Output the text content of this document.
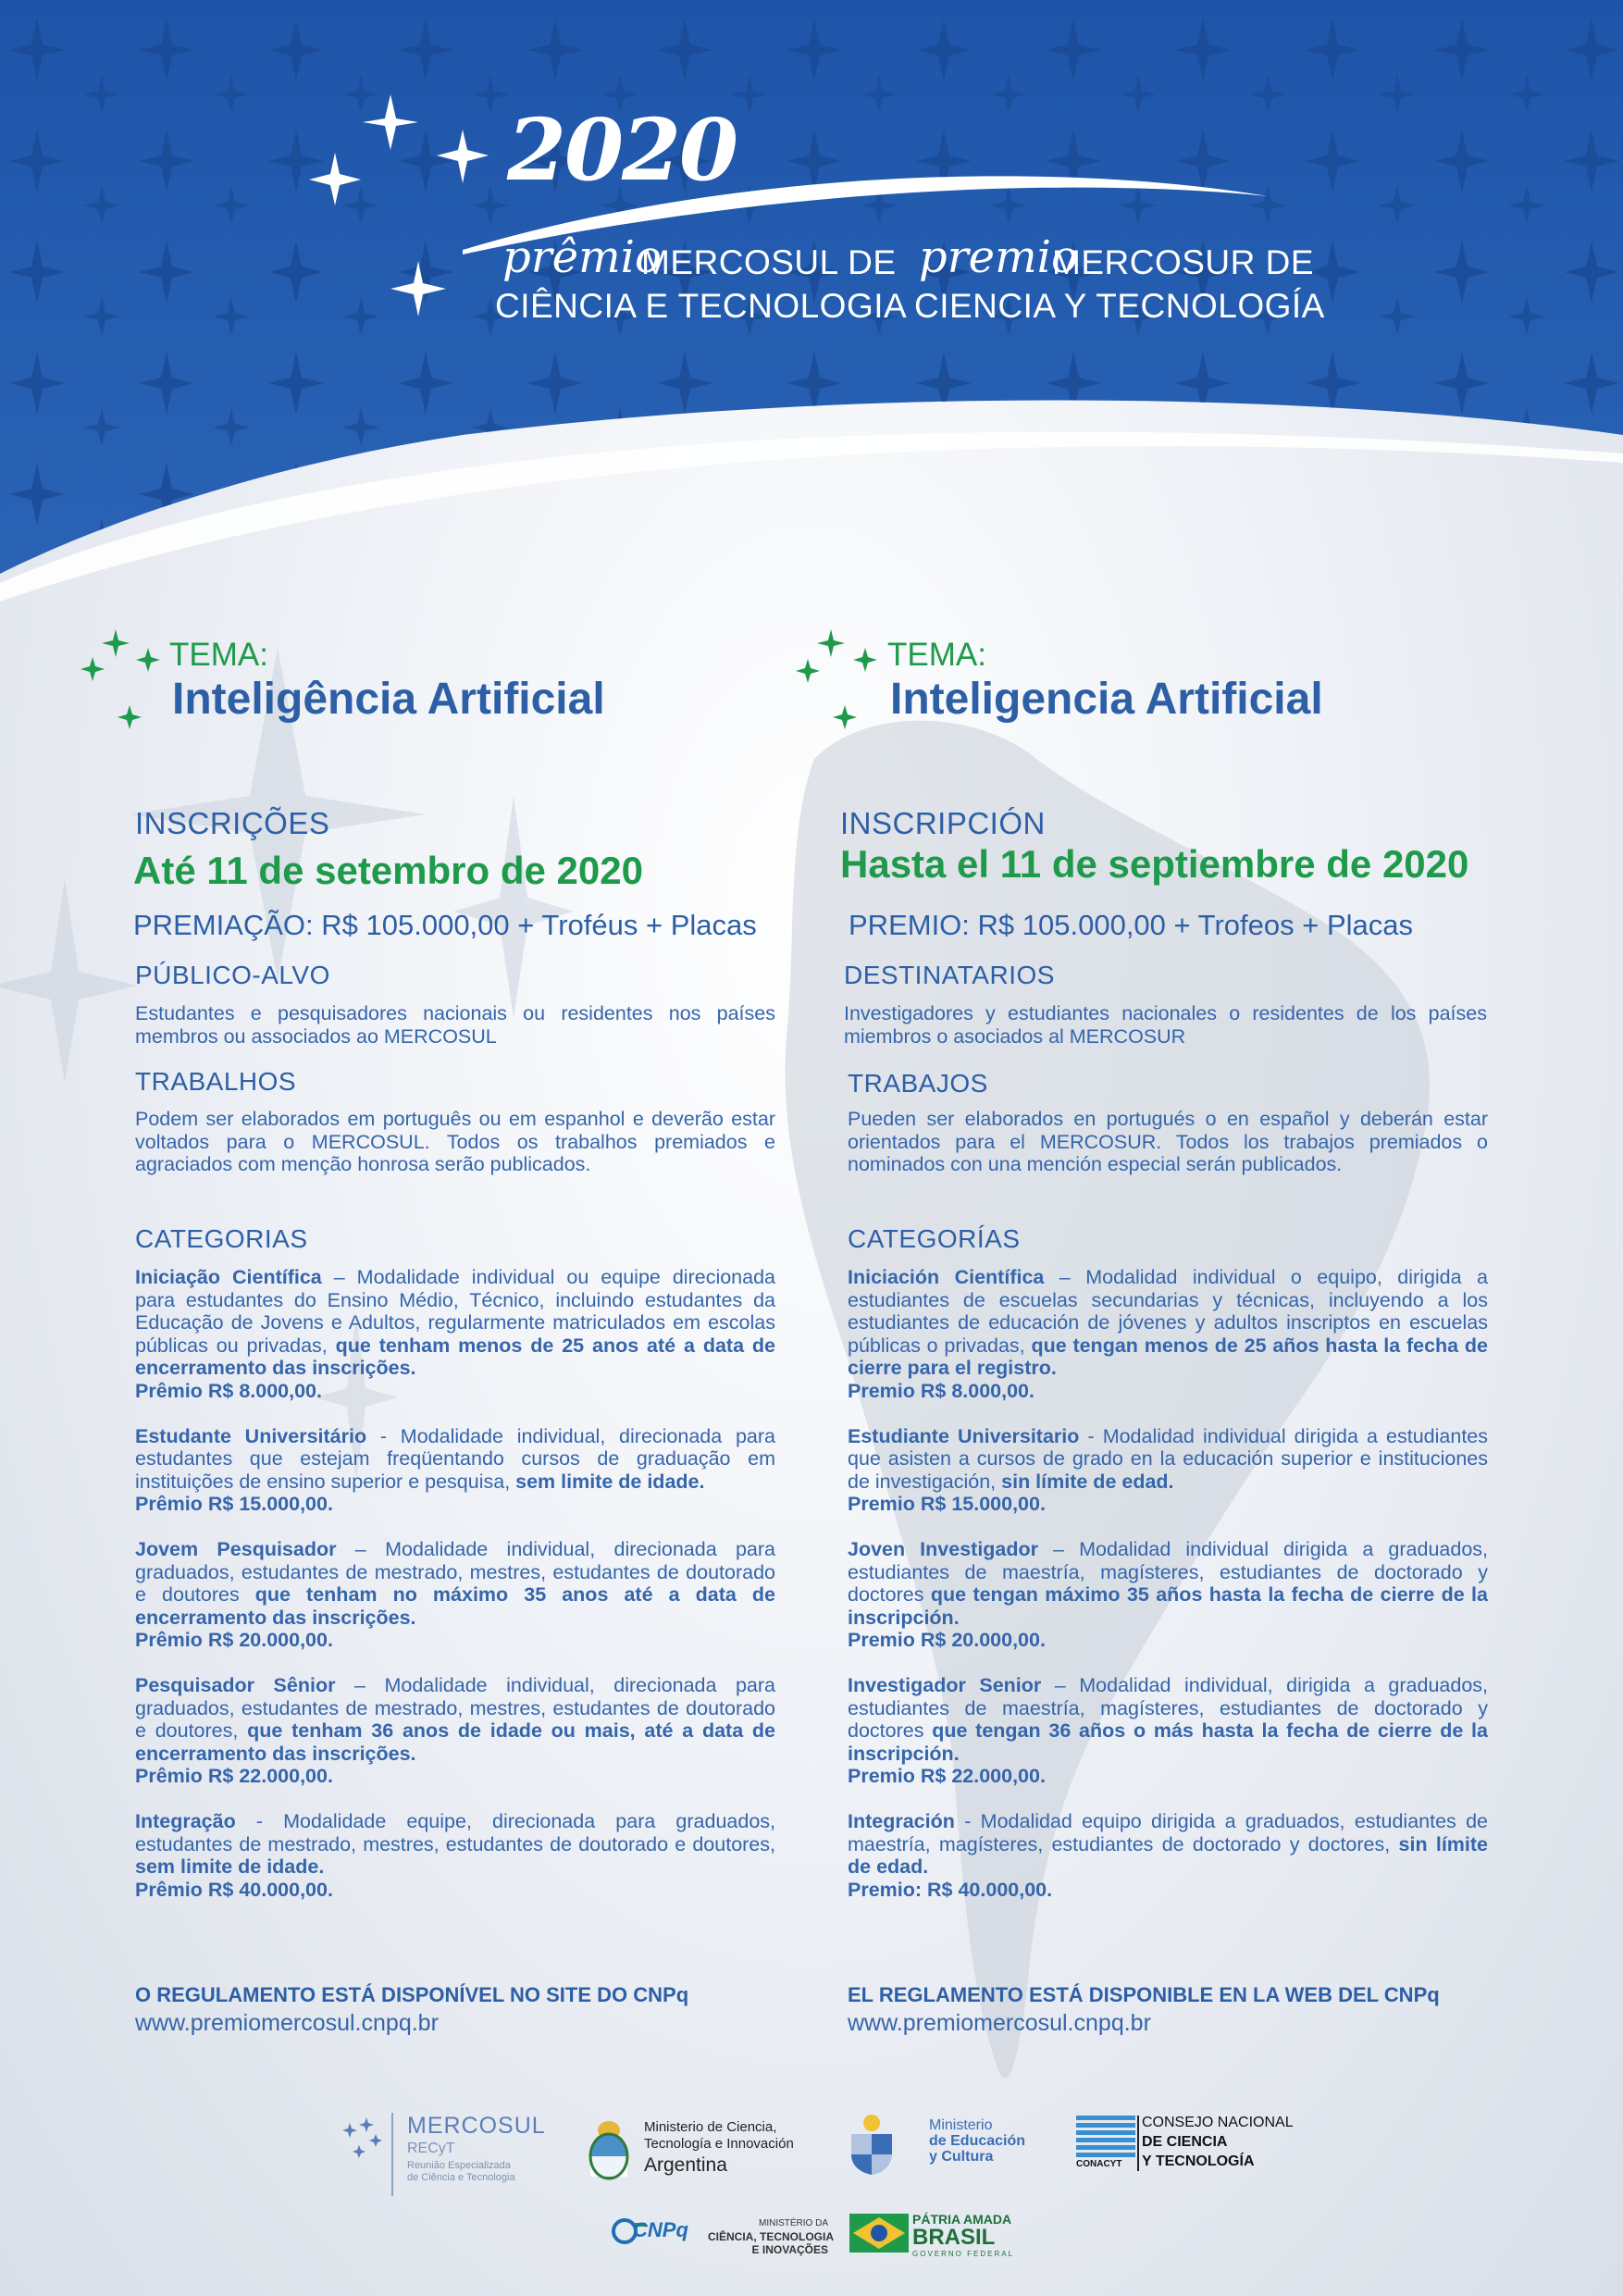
2020
prêmio
MERCOSUL DE
CIÊNCIA E TECNOLOGIA
premio
MERCOSUR DE
CIENCIA Y TECNOLOGÍA
TEMA:
Inteligência Artificial
INSCRIÇÕES
Até 11 de setembro de 2020
PREMIAÇÃO: R$ 105.000,00 + Troféus + Placas
PÚBLICO-ALVO

Estudantes e pesquisadores nacionais ou residentes nos países membros ou associados ao MERCOSUL

TRABALHOS

Podem ser elaborados em português ou em espanhol e deverão estar voltados para o MERCOSUL. Todos os trabalhos premiados e agraciados com menção honrosa serão publicados.

CATEGORIAS

Iniciação Científica – Modalidade individual ou equipe direcionada para estudantes do Ensino Médio, Técnico, incluindo estudantes da Educação de Jovens e Adultos, regularmente matriculados em escolas públicas ou privadas, que tenham menos de 25 anos até a data de encerramento das inscrições.
Prêmio R$ 8.000,00.

Estudante Universitário - Modalidade individual, direcionada para estudantes que estejam freqüentando cursos de graduação em instituições de ensino superior e pesquisa, sem limite de idade.
Prêmio R$ 15.000,00.

Jovem Pesquisador – Modalidade individual, direcionada para graduados, estudantes de mestrado, mestres, estudantes de doutorado e doutores que tenham no máximo 35 anos até a data de encerramento das inscrições.
Prêmio R$ 20.000,00.

Pesquisador Sênior – Modalidade individual, direcionada para graduados, estudantes de mestrado, mestres, estudantes de doutorado e doutores, que tenham 36 anos de idade ou mais, até a data de encerramento das inscrições.
Prêmio R$ 22.000,00.

Integração - Modalidade equipe, direcionada para graduados, estudantes de mestrado, mestres, estudantes de doutorado e doutores, sem limite de idade.
Prêmio R$ 40.000,00.

O REGULAMENTO ESTÁ DISPONÍVEL NO SITE DO CNPq
www.premiomercosul.cnpq.br
TEMA:
Inteligencia Artificial
INSCRIPCIÓN
Hasta el 11 de septiembre de 2020
PREMIO: R$ 105.000,00 + Trofeos + Placas
DESTINATARIOS

Investigadores y estudiantes nacionales o residentes de los países miembros o asociados al MERCOSUR

TRABAJOS

Pueden ser elaborados en portugués o en español y deberán estar orientados para el MERCOSUR. Todos los trabajos premiados o nominados con una mención especial serán publicados.

CATEGORÍAS

Iniciación Científica – Modalidad individual o equipo, dirigida a estudiantes de escuelas secundarias y técnicas, incluyendo a los estudiantes de educación de jóvenes y adultos inscriptos en escuelas públicas o privadas, que tengan menos de 25 años hasta la fecha de cierre para el registro.
Premio R$ 8.000,00.

Estudiante Universitario - Modalidad individual dirigida a estudiantes que asisten a cursos de grado en la educación superior e instituciones de investigación, sin límite de edad.
Premio R$ 15.000,00.

Joven Investigador – Modalidad individual dirigida a graduados, estudiantes de maestría, magísteres, estudiantes de doctorado y doctores que tengan máximo 35 años hasta la fecha de cierre de la inscripción.
Premio R$ 20.000,00.

Investigador Senior – Modalidad individual, dirigida a graduados, estudiantes de maestría, magísteres, estudiantes de doctorado y doctores que tengan 36 años o más hasta la fecha de cierre de la inscripción.
Premio R$ 22.000,00.

Integración - Modalidad equipo dirigida a graduados, estudiantes de maestría, magísteres, estudiantes de doctorado y doctores, sin límite de edad.
Premio: R$ 40.000,00.

EL REGLAMENTO ESTÁ DISPONIBLE EN LA WEB DEL CNPq
www.premiomercosul.cnpq.br
MERCOSUL
RECyT
Reunião Especializada
de Ciência e Tecnologia
Ministerio de Ciencia,
Tecnología e Innovación
Argentina
Ministerio
de Educación
y Cultura	CONACYT
CONSEJO NACIONAL
DE CIENCIA
Y TECNOLOGÍA
CNPq	MINISTÉRIO DA
CIÊNCIA, TECNOLOGIA
E INOVAÇÕES
PÁTRIA AMADA
BRASIL
GOVERNO FEDERAL
